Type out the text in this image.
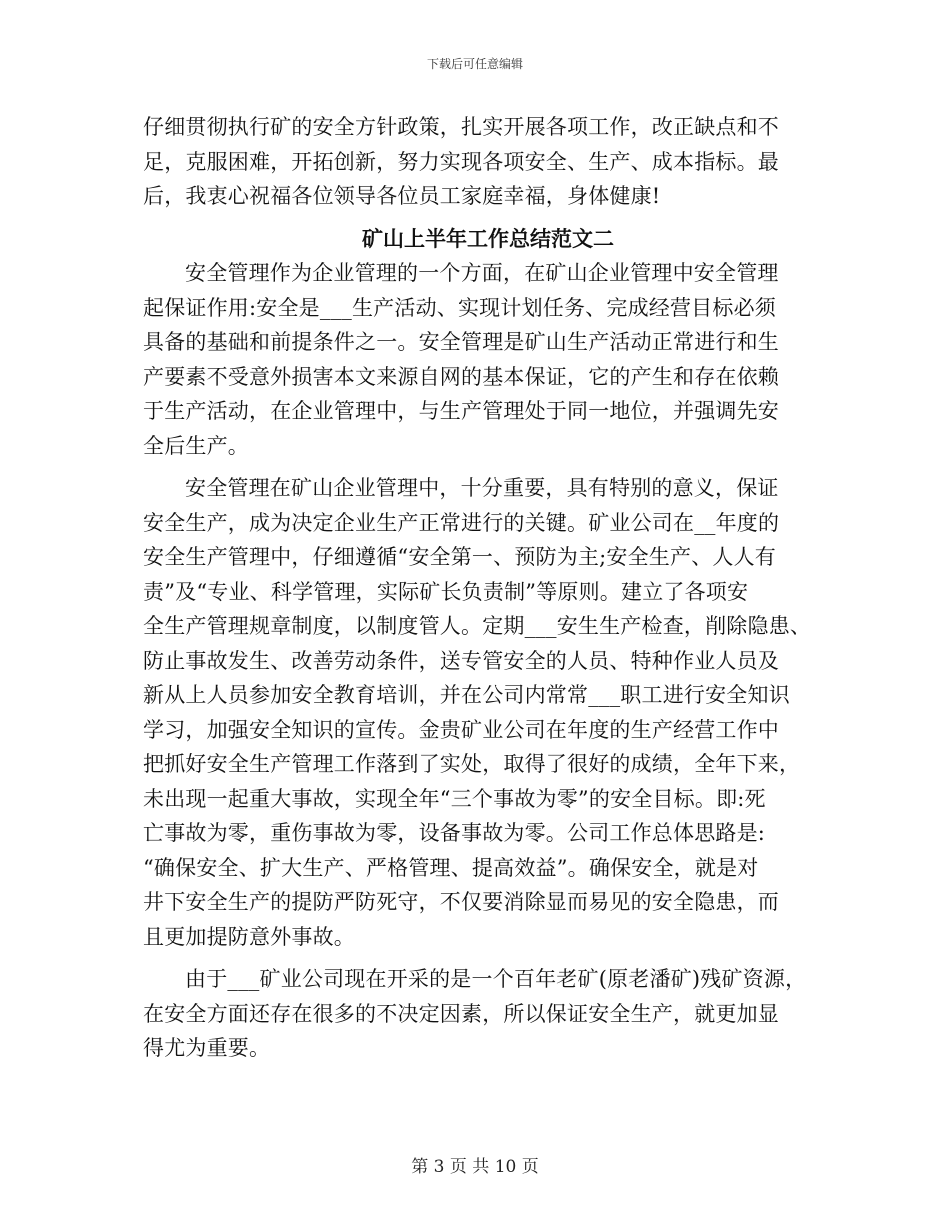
下载后可任意编辑
仔细贯彻执行矿的安全方针政策，扎实开展各项工作，改正缺点和不
足，克服困难，开拓创新，努力实现各项安全、生产、成本指标。最
后，我衷心祝福各位领导各位员工家庭幸福，身体健康!
矿山上半年工作总结范文二
安全管理作为企业管理的一个方面，在矿山企业管理中安全管理
起保证作用:安全是___生产活动、实现计划任务、完成经营目标必须
具备的基础和前提条件之一。安全管理是矿山生产活动正常进行和生
产要素不受意外损害本文来源自网的基本保证，它的产生和存在依赖
于生产活动，在企业管理中，与生产管理处于同一地位，并强调先安
全后生产。
安全管理在矿山企业管理中，十分重要，具有特别的意义，保证
安全生产，成为决定企业生产正常进行的关键。矿业公司在__年度的
安全生产管理中，仔细遵循“安全第一、预防为主;安全生产、人人有
责”及“专业、科学管理，实际矿长负责制”等原则。建立了各项安
全生产管理规章制度，以制度管人。定期___安生生产检查，削除隐患、
防止事故发生、改善劳动条件，送专管安全的人员、特种作业人员及
新从上人员参加安全教育培训，并在公司内常常___职工进行安全知识
学习，加强安全知识的宣传。金贵矿业公司在年度的生产经营工作中
把抓好安全生产管理工作落到了实处，取得了很好的成绩，全年下来，
未出现一起重大事故，实现全年“三个事故为零”的安全目标。即:死
亡事故为零，重伤事故为零，设备事故为零。公司工作总体思路是:
“确保安全、扩大生产、严格管理、提高效益”。确保安全，就是对
井下安全生产的提防严防死守，不仅要消除显而易见的安全隐患，而
且更加提防意外事故。
由于___矿业公司现在开采的是一个百年老矿(原老潘矿)残矿资源，
在安全方面还存在很多的不决定因素，所以保证安全生产，就更加显
得尤为重要。
第 3 页 共 10 页
